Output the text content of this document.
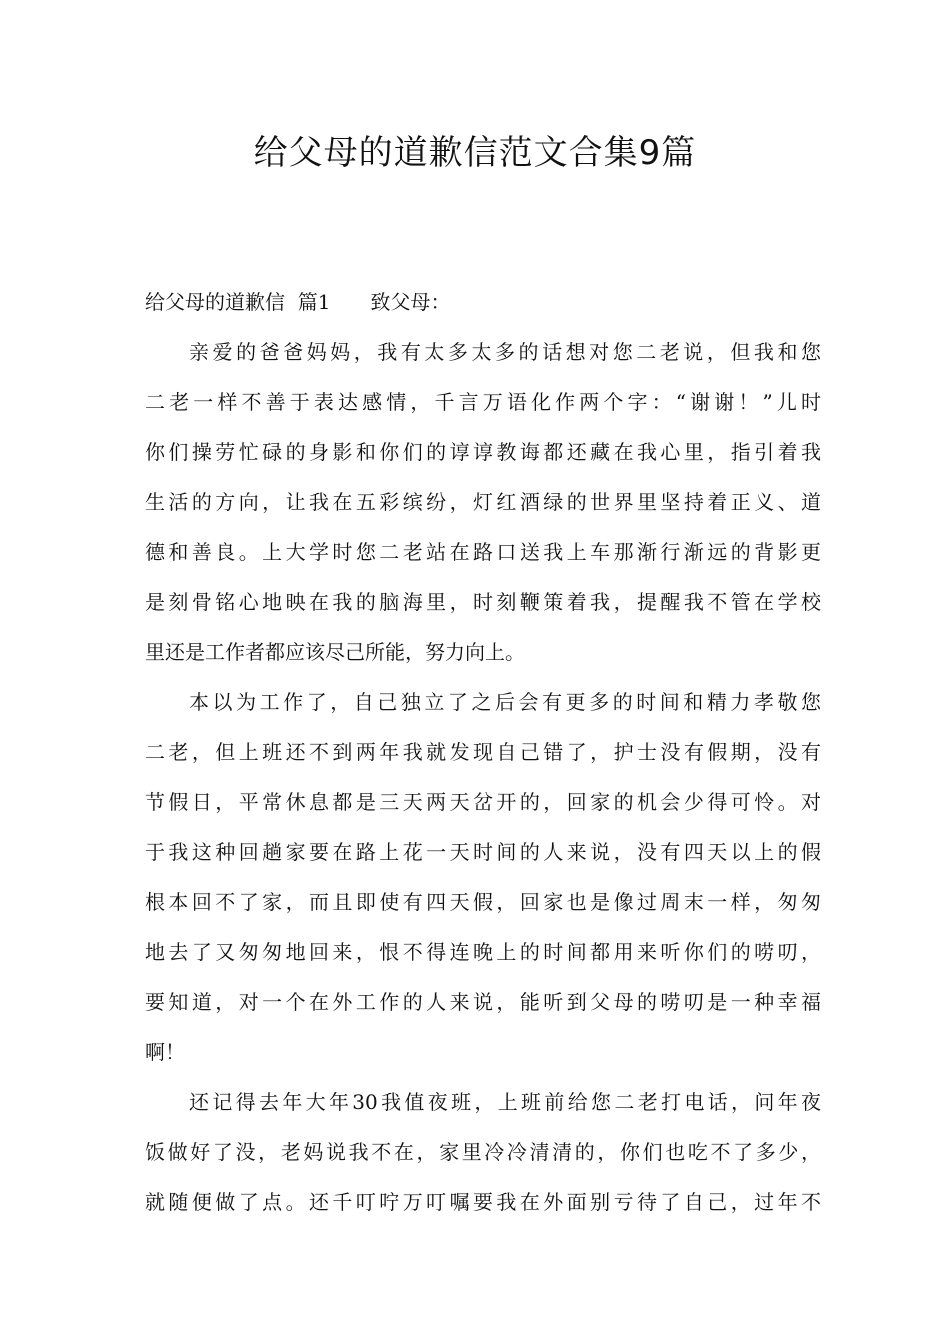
给父母的道歉信范文合集9篇
给父母的道歉信  篇1 致父母：
亲爱的爸爸妈妈，我有太多太多的话想对您二老说，但我和您
二老一样不善于表达感情，千言万语化作两个字：“谢谢！”儿时
你们操劳忙碌的身影和你们的谆谆教诲都还藏在我心里，指引着我
生活的方向，让我在五彩缤纷，灯红酒绿的世界里坚持着正义、道
德和善良。上大学时您二老站在路口送我上车那渐行渐远的背影更
是刻骨铭心地映在我的脑海里，时刻鞭策着我，提醒我不管在学校
里还是工作者都应该尽己所能，努力向上。
本以为工作了，自己独立了之后会有更多的时间和精力孝敬您
二老，但上班还不到两年我就发现自己错了，护士没有假期，没有
节假日，平常休息都是三天两天岔开的，回家的机会少得可怜。对
于我这种回趟家要在路上花一天时间的人来说，没有四天以上的假
根本回不了家，而且即使有四天假，回家也是像过周末一样，匆匆
地去了又匆匆地回来，恨不得连晚上的时间都用来听你们的唠叨，
要知道，对一个在外工作的人来说，能听到父母的唠叨是一种幸福
啊！
还记得去年大年30我值夜班，上班前给您二老打电话，问年夜
饭做好了没，老妈说我不在，家里冷冷清清的，你们也吃不了多少，
就随便做了点。还千叮咛万叮嘱要我在外面别亏待了自己，过年不
